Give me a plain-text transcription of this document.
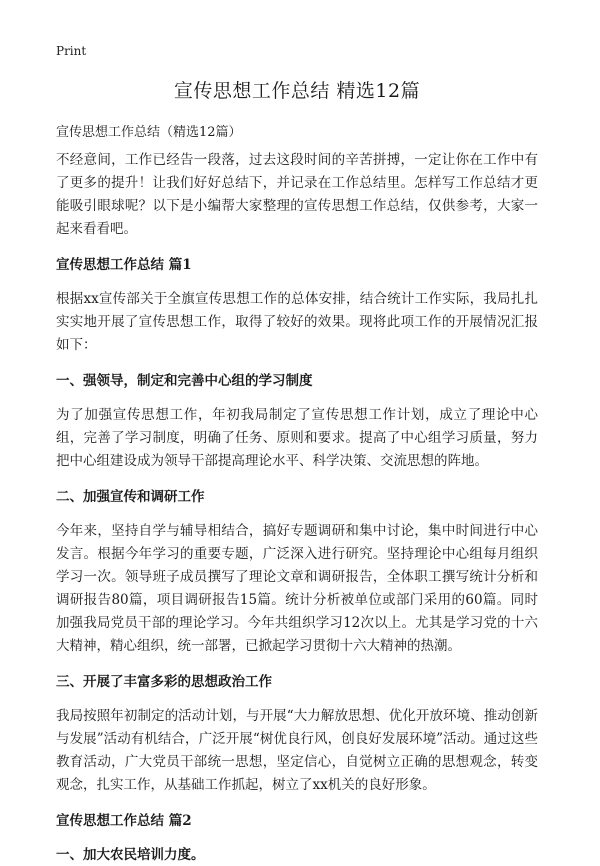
Print
宣传思想工作总结 精选12篇
宣传思想工作总结（精选12篇）

不经意间，工作已经告一段落，过去这段时间的辛苦拼搏，一定让你在工作中有了更多的提升！让我们好好总结下，并记录在工作总结里。怎样写工作总结才更能吸引眼球呢？以下是小编帮大家整理的宣传思想工作总结，仅供参考，大家一起来看看吧。

宣传思想工作总结 篇1

根据xx宣传部关于全旗宣传思想工作的总体安排，结合统计工作实际，我局扎扎实实地开展了宣传思想工作，取得了较好的效果。现将此项工作的开展情况汇报如下：

一、强领导，制定和完善中心组的学习制度

为了加强宣传思想工作，年初我局制定了宣传思想工作计划，成立了理论中心组，完善了学习制度，明确了任务、原则和要求。提高了中心组学习质量，努力把中心组建设成为领导干部提高理论水平、科学决策、交流思想的阵地。

二、加强宣传和调研工作

今年来，坚持自学与辅导相结合，搞好专题调研和集中讨论，集中时间进行中心发言。根据今年学习的重要专题，广泛深入进行研究。坚持理论中心组每月组织学习一次。领导班子成员撰写了理论文章和调研报告，全体职工撰写统计分析和调研报告80篇，项目调研报告15篇。统计分析被单位或部门采用的60篇。同时加强我局党员干部的理论学习。今年共组织学习12次以上。尤其是学习党的十六大精神，精心组织，统一部署，已掀起学习贯彻十六大精神的热潮。

三、开展了丰富多彩的思想政治工作

我局按照年初制定的活动计划，与开展“大力解放思想、优化开放环境、推动创新与发展”活动有机结合，广泛开展“树优良行风，创良好发展环境”活动。通过这些教育活动，广大党员干部统一思想，坚定信心，自觉树立正确的思想观念，转变观念，扎实工作，从基础工作抓起，树立了xx机关的良好形象。

宣传思想工作总结 篇2
一、加大农民培训力度。
